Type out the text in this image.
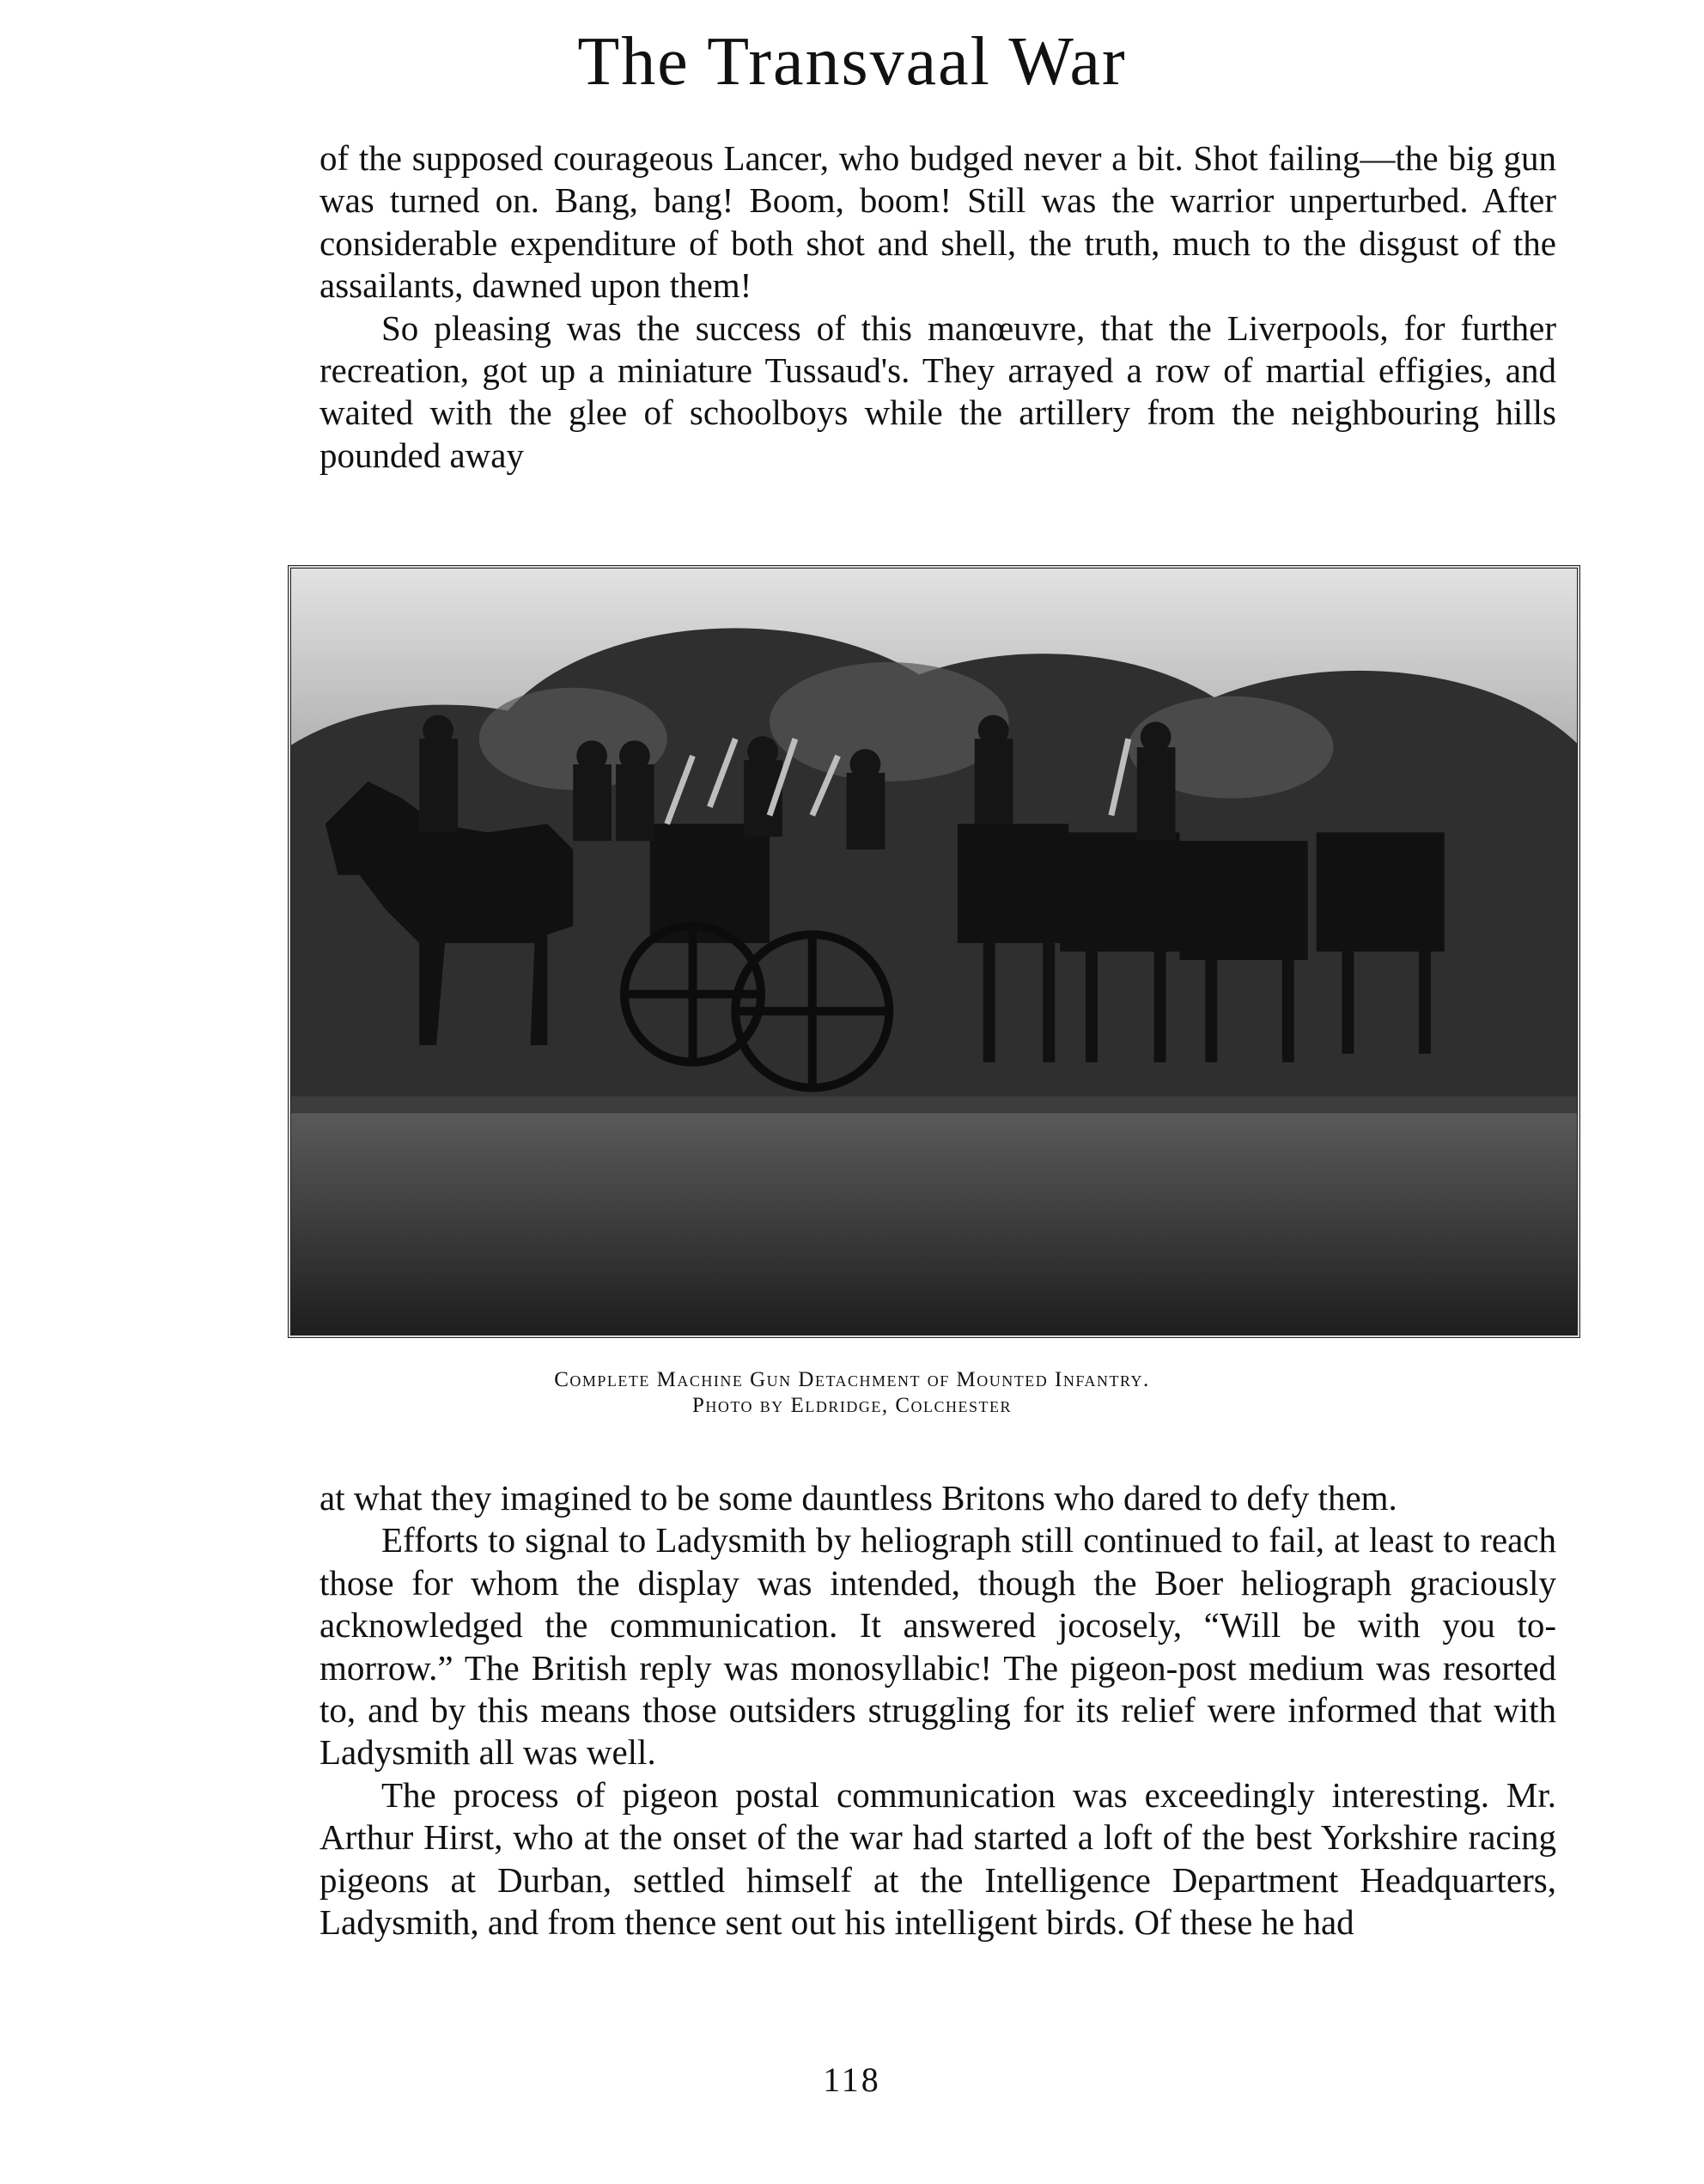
The Transvaal War

of the supposed courageous Lancer, who budged never a bit. Shot failing—the big gun was turned on. Bang, bang! Boom, boom! Still was the warrior unperturbed. After considerable expenditure of both shot and shell, the truth, much to the disgust of the assailants, dawned upon them!

So pleasing was the success of this manœuvre, that the Liverpools, for further recreation, got up a miniature Tussaud's. They arrayed a row of martial effigies, and waited with the glee of schoolboys while the artillery from the neighbouring hills pounded away

Complete Machine Gun Detachment of Mounted Infantry.
Photo by Eldridge, Colchester

at what they imagined to be some dauntless Britons who dared to defy them.

Efforts to signal to Ladysmith by heliograph still continued to fail, at least to reach those for whom the display was intended, though the Boer heliograph graciously acknowledged the communication. It answered jocosely, “Will be with you to-morrow.” The British reply was monosyllabic! The pigeon-post medium was resorted to, and by this means those outsiders struggling for its relief were informed that with Ladysmith all was well.

The process of pigeon postal communication was exceedingly interesting. Mr. Arthur Hirst, who at the onset of the war had started a loft of the best Yorkshire racing pigeons at Durban, settled himself at the Intelligence Department Headquarters, Ladysmith, and from thence sent out his intelligent birds. Of these he had

118
